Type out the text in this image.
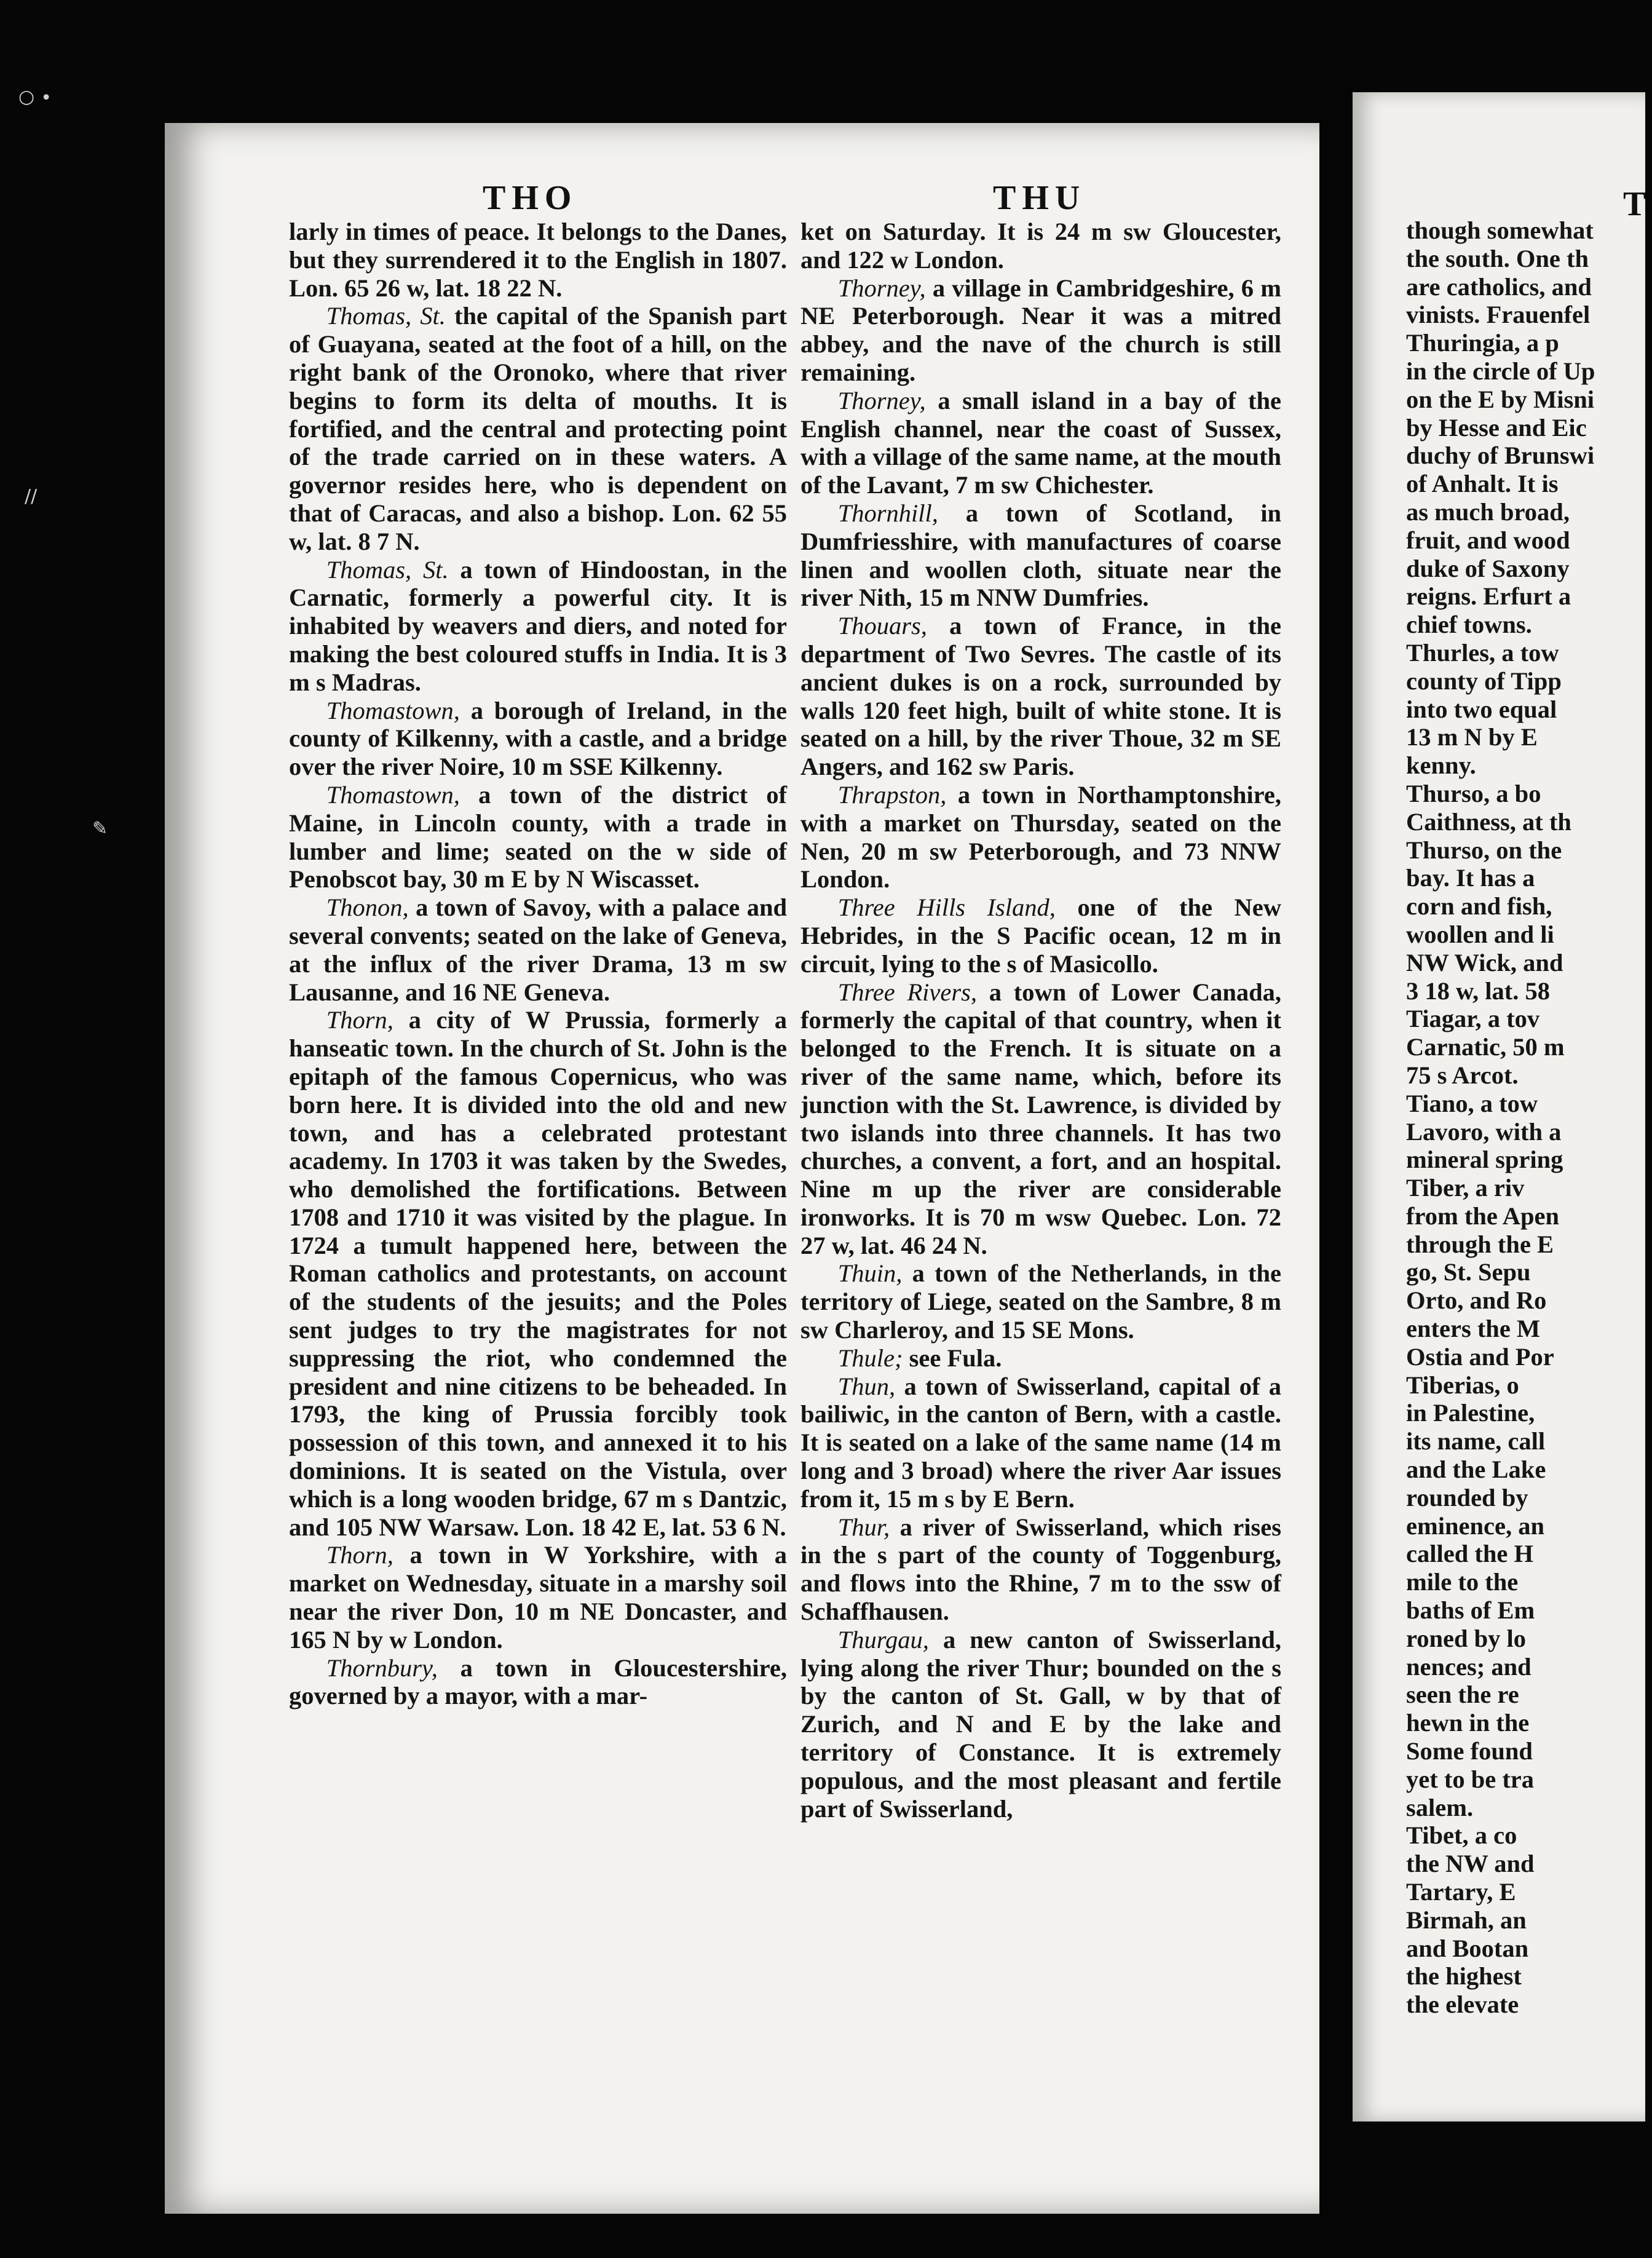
○ ∙
∕∕
✎
THO	THU	T

larly in times of peace. It belongs to the Danes, but they surrendered it to the English in 1807. Lon. 65 26 w, lat. 18 22 N.

Thomas, St. the capital of the Spanish part of Guayana, seated at the foot of a hill, on the right bank of the Oronoko, where that river begins to form its delta of mouths. It is fortified, and the central and protecting point of the trade carried on in these waters. A governor resides here, who is dependent on that of Caracas, and also a bishop. Lon. 62 55 w, lat. 8 7 N.

Thomas, St. a town of Hindoostan, in the Carnatic, formerly a powerful city. It is inhabited by weavers and diers, and noted for making the best coloured stuffs in India. It is 3 m s Madras.

Thomastown, a borough of Ireland, in the county of Kilkenny, with a castle, and a bridge over the river Noire, 10 m SSE Kilkenny.

Thomastown, a town of the district of Maine, in Lincoln county, with a trade in lumber and lime; seated on the w side of Penobscot bay, 30 m E by N Wiscasset.

Thonon, a town of Savoy, with a palace and several convents; seated on the lake of Geneva, at the influx of the river Drama, 13 m sw Lausanne, and 16 NE Geneva.

Thorn, a city of W Prussia, formerly a hanseatic town. In the church of St. John is the epitaph of the famous Copernicus, who was born here. It is divided into the old and new town, and has a celebrated protestant academy. In 1703 it was taken by the Swedes, who demolished the fortifications. Between 1708 and 1710 it was visited by the plague. In 1724 a tumult happened here, between the Roman catholics and protestants, on account of the students of the jesuits; and the Poles sent judges to try the magistrates for not suppressing the riot, who condemned the president and nine citizens to be beheaded. In 1793, the king of Prussia forcibly took possession of this town, and annexed it to his dominions. It is seated on the Vistula, over which is a long wooden bridge, 67 m s Dantzic, and 105 NW Warsaw. Lon. 18 42 E, lat. 53 6 N.

Thorn, a town in W Yorkshire, with a market on Wednesday, situate in a marshy soil near the river Don, 10 m NE Doncaster, and 165 N by w London.

Thornbury, a town in Gloucestershire, governed by a mayor, with a mar-

ket on Saturday. It is 24 m sw Gloucester, and 122 w London.

Thorney, a village in Cambridgeshire, 6 m NE Peterborough. Near it was a mitred abbey, and the nave of the church is still remaining.

Thorney, a small island in a bay of the English channel, near the coast of Sussex, with a village of the same name, at the mouth of the Lavant, 7 m sw Chichester.

Thornhill, a town of Scotland, in Dumfriesshire, with manufactures of coarse linen and woollen cloth, situate near the river Nith, 15 m NNW Dumfries.

Thouars, a town of France, in the department of Two Sevres. The castle of its ancient dukes is on a rock, surrounded by walls 120 feet high, built of white stone. It is seated on a hill, by the river Thoue, 32 m SE Angers, and 162 sw Paris.

Thrapston, a town in Northamptonshire, with a market on Thursday, seated on the Nen, 20 m sw Peterborough, and 73 NNW London.

Three Hills Island, one of the New Hebrides, in the S Pacific ocean, 12 m in circuit, lying to the s of Masicollo.

Three Rivers, a town of Lower Canada, formerly the capital of that country, when it belonged to the French. It is situate on a river of the same name, which, before its junction with the St. Lawrence, is divided by two islands into three channels. It has two churches, a convent, a fort, and an hospital. Nine m up the river are considerable ironworks. It is 70 m wsw Quebec. Lon. 72 27 w, lat. 46 24 N.

Thuin, a town of the Netherlands, in the territory of Liege, seated on the Sambre, 8 m sw Charleroy, and 15 SE Mons.

Thule; see Fula.

Thun, a town of Swisserland, capital of a bailiwic, in the canton of Bern, with a castle. It is seated on a lake of the same name (14 m long and 3 broad) where the river Aar issues from it, 15 m s by E Bern.

Thur, a river of Swisserland, which rises in the s part of the county of Toggenburg, and flows into the Rhine, 7 m to the ssw of Schaffhausen.

Thurgau, a new canton of Swisserland, lying along the river Thur; bounded on the s by the canton of St. Gall, w by that of Zurich, and N and E by the lake and territory of Constance. It is extremely populous, and the most pleasant and fertile part of Swisserland,

though somewhat
the south. One th
are catholics, and
vinists. Frauenfel
Thuringia, a p
in the circle of Up
on the E by Misni
by Hesse and Eic
duchy of Brunswi
of Anhalt. It is
as much broad,
fruit, and wood
duke of Saxony
reigns. Erfurt a
chief towns.
Thurles, a tow
county of Tipp
into two equal
13 m N by E
kenny.
Thurso, a bo
Caithness, at th
Thurso, on the
bay. It has a
corn and fish,
woollen and li
NW Wick, and
3 18 w, lat. 58
Tiagar, a tov
Carnatic, 50 m
75 s Arcot.
Tiano, a tow
Lavoro, with a
mineral spring
Tiber, a riv
from the Apen
through the E
go, St. Sepu
Orto, and Ro
enters the M
Ostia and Por
Tiberias, o
in Palestine,
its name, call
and the Lake
rounded by
eminence, an
called the H
mile to the
baths of Em
roned by lo
nences; and
seen the re
hewn in the
Some found
yet to be tra
salem.
Tibet, a co
the NW and
Tartary, E
Birmah, an
and Bootan
the highest
the elevate
